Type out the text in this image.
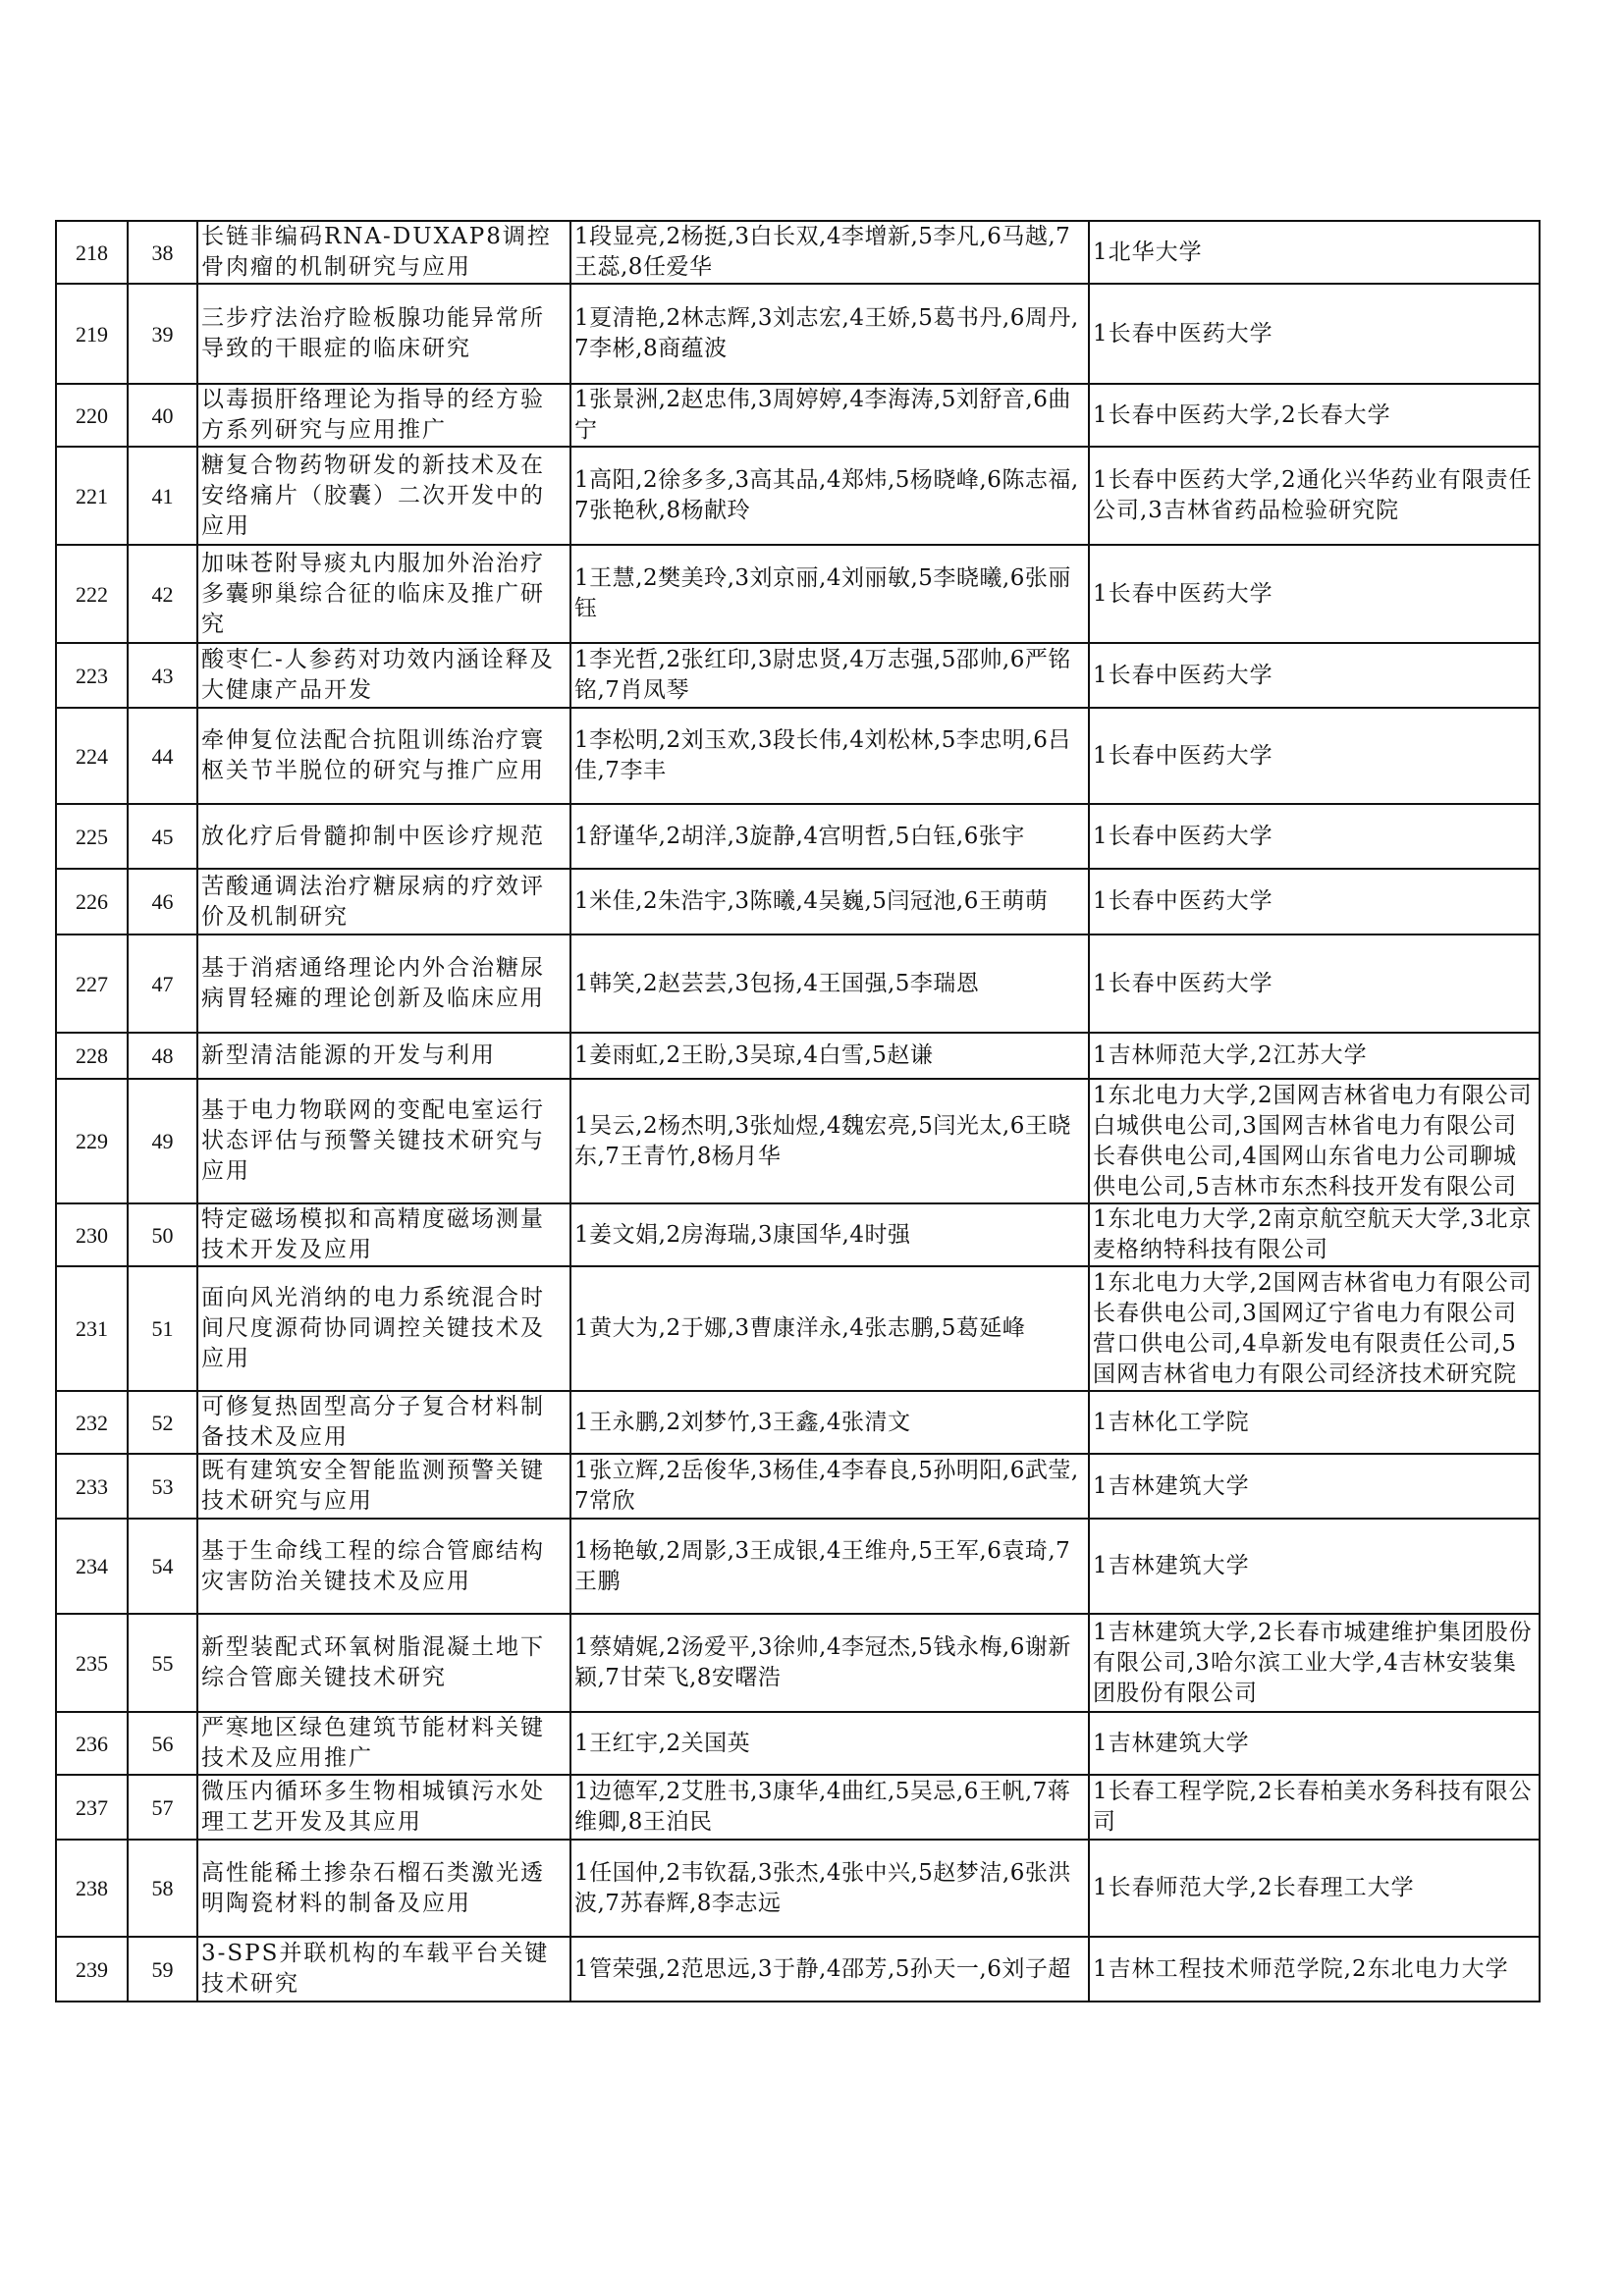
218	38	长链非编码RNA-DUXAP8调控骨肉瘤的机制研究与应用	1段显亮,2杨挺,3白长双,4李增新,5李凡,6马越,7王蕊,8任爱华	1北华大学

219	39	三步疗法治疗睑板腺功能异常所导致的干眼症的临床研究	1夏清艳,2林志辉,3刘志宏,4王娇,5葛书丹,6周丹,7李彬,8商蕴波	1长春中医药大学

220	40	以毒损肝络理论为指导的经方验方系列研究与应用推广	1张景洲,2赵忠伟,3周婷婷,4李海涛,5刘舒音,6曲宁	1长春中医药大学,2长春大学

221	41	糖复合物药物研发的新技术及在安络痛片（胶囊）二次开发中的应用	1高阳,2徐多多,3高其品,4郑炜,5杨晓峰,6陈志福,7张艳秋,8杨献玲	1长春中医药大学,2通化兴华药业有限责任公司,3吉林省药品检验研究院

222	42	加味苍附导痰丸内服加外治治疗多囊卵巢综合征的临床及推广研究	1王慧,2樊美玲,3刘京丽,4刘丽敏,5李晓曦,6张丽钰	1长春中医药大学

223	43	酸枣仁-人参药对功效内涵诠释及大健康产品开发	1李光哲,2张红印,3尉忠贤,4万志强,5邵帅,6严铭铭,7肖凤琴	1长春中医药大学

224	44	牵伸复位法配合抗阻训练治疗寰枢关节半脱位的研究与推广应用	1李松明,2刘玉欢,3段长伟,4刘松林,5李忠明,6吕佳,7李丰	1长春中医药大学

225	45	放化疗后骨髓抑制中医诊疗规范	1舒谨华,2胡洋,3旋静,4宫明哲,5白钰,6张宇	1长春中医药大学

226	46	苦酸通调法治疗糖尿病的疗效评价及机制研究	1米佳,2朱浩宇,3陈曦,4吴巍,5闫冠池,6王萌萌	1长春中医药大学

227	47	基于消痞通络理论内外合治糖尿病胃轻瘫的理论创新及临床应用	1韩笑,2赵芸芸,3包扬,4王国强,5李瑞恩	1长春中医药大学

228	48	新型清洁能源的开发与利用	1姜雨虹,2王盼,3吴琼,4白雪,5赵谦	1吉林师范大学,2江苏大学

229	49	基于电力物联网的变配电室运行状态评估与预警关键技术研究与应用	1吴云,2杨杰明,3张灿煜,4魏宏亮,5闫光太,6王晓东,7王青竹,8杨月华	1东北电力大学,2国网吉林省电力有限公司白城供电公司,3国网吉林省电力有限公司长春供电公司,4国网山东省电力公司聊城供电公司,5吉林市东杰科技开发有限公司

230	50	特定磁场模拟和高精度磁场测量技术开发及应用	1姜文娟,2房海瑞,3康国华,4时强	1东北电力大学,2南京航空航天大学,3北京麦格纳特科技有限公司

231	51	面向风光消纳的电力系统混合时间尺度源荷协同调控关键技术及应用	1黄大为,2于娜,3曹康洋永,4张志鹏,5葛延峰	1东北电力大学,2国网吉林省电力有限公司长春供电公司,3国网辽宁省电力有限公司营口供电公司,4阜新发电有限责任公司,5国网吉林省电力有限公司经济技术研究院

232	52	可修复热固型高分子复合材料制备技术及应用	1王永鹏,2刘梦竹,3王鑫,4张清文	1吉林化工学院

233	53	既有建筑安全智能监测预警关键技术研究与应用	1张立辉,2岳俊华,3杨佳,4李春良,5孙明阳,6武莹,7常欣	1吉林建筑大学

234	54	基于生命线工程的综合管廊结构灾害防治关键技术及应用	1杨艳敏,2周影,3王成银,4王维舟,5王军,6袁琦,7王鹏	1吉林建筑大学

235	55	新型装配式环氧树脂混凝土地下综合管廊关键技术研究	1蔡婧娓,2汤爱平,3徐帅,4李冠杰,5钱永梅,6谢新颖,7甘荣飞,8安曙浩	1吉林建筑大学,2长春市城建维护集团股份有限公司,3哈尔滨工业大学,4吉林安装集团股份有限公司

236	56	严寒地区绿色建筑节能材料关键技术及应用推广	1王红宇,2关国英	1吉林建筑大学

237	57	微压内循环多生物相城镇污水处理工艺开发及其应用	1边德军,2艾胜书,3康华,4曲红,5吴忌,6王帆,7蒋维卿,8王泊民	1长春工程学院,2长春柏美水务科技有限公司

238	58	高性能稀土掺杂石榴石类激光透明陶瓷材料的制备及应用	1任国仲,2韦钦磊,3张杰,4张中兴,5赵梦洁,6张洪波,7苏春辉,8李志远	1长春师范大学,2长春理工大学

239	59	3-SPS并联机构的车载平台关键技术研究	1管荣强,2范思远,3于静,4邵芳,5孙天一,6刘子超	1吉林工程技术师范学院,2东北电力大学
